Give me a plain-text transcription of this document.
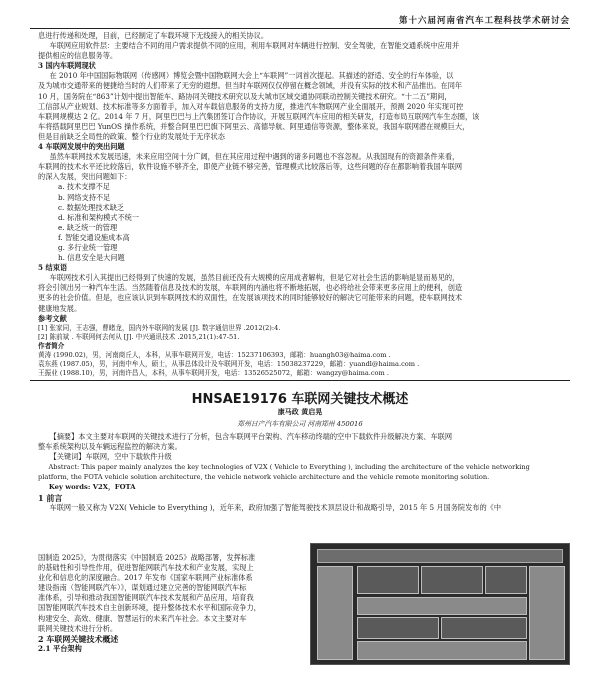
第十六届河南省汽车工程科技学术研讨会

息进行传递和处理，目前，已经制定了车载环境下无线接入的相关协议。

车联网应用软件层：主要结合不同的用户需求提供不同的应用，利用车联网对车辆进行控制、安全驾驶，在智能交通系统中应用并

提供相应的信息服务等。

3 国内车联网现状

在 2010 年中国国际物联网（传感网）博览会暨中国物联网大会上“车联网”一词首次提起。其描述的舒适、安全的行车体验，以

及为城市交通带来的便捷给当时的人们带来了无穷的遐想。但当时车联网仅仅停留在概念领域，并没有实际的技术和产品推出。在同年

10 月，国务院在“863”计划中提出智能车、路协同关键技术研究以及大城市区域交通协同联动控制关键技术研究。“十二五”期间，

工信部从产业规划、技术标准等多方面着手，加入对车载信息服务的支持力度，推进汽车物联网产业全面展开，预测 2020 年实现可控

车联网规模达 2 亿。2014 年 7 月，阿里巴巴与上汽集团签订合作协议，开展互联网汽车应用的相关研发，打造布局互联网汽车生态圈，该

车将搭载阿里巴巴 YunOS 操作系统，并整合阿里巴巴旗下阿里云、高德导航、阿里通信等资源，整体来说，我国车联网潜在规模巨大，

但是目前缺乏全局性的政策、整个行业的发展处于无序状态

4 车联网发展中的突出问题

虽然车联网技术发展迅速，未来应用空间十分广阔，但在其应用过程中遇到的诸多问题也不容忽视。从我国现有的资源条件来看，

车联网的技术水平还比较落后，软件设施不够齐全，即使产业链不够完善，管理模式比较落后等，这些问题的存在都影响着我国车联网

的深入发展，突出问题如下：

a. 技术支撑不足

b. 网络支持不足

c. 数据处理技术缺乏

d. 标准和架构模式不统一

e. 缺乏统一的管理

f. 智能交通设施成本高

g. 多行业统一管理

h. 信息安全是大问题

5 结束语

车联网技术引入其提出已经得到了快速的发展，虽然目前还没有大规模的应用成者解构，但是它对社会生活的影响是显而易见的，

将会引领出另一种汽车生活。当然随着信息及技术的发展，车联网的内涵也将不断地拓展，也必将给社会带来更多应用上的便利，创造

更多的社会价值。但是，也应该认识到车联网技术的双面性，在发展该项技术的同时能够较好的解决它可能带来的问题，使车联网技术

健康地发展。

参考文献

[1] 张家同，王志强，曹睹龙，国内外车联网的发展 [J]. 数字通信世界 .2012(2):4.

[2] 陈前斌 . 车联网何去何从 [J]. 中兴通讯技术 .2015,21(1):47-51.

作者简介

黄涛 (1990.02)，男，河南商丘人，本科，从事车联网开发，电话：15237106393，邮箱：huangh03@haima.com .

袁东燕 (1987.05)，男，河南中牟人，硕士，从事总体设计及车联网开发，电话：15038237229，邮箱：yuandl@haima.com .

王振业 (1988.10)，男，河南许昌人，本科，从事车联网开发，电话：13526525072，邮箱：wangzy@haima.com .

HNSAE19176 车联网关键技术概述
康马政 黄启晃
郑州日产汽车有限公司 河南郑州 450016

【摘要】本文主要对车联网的关键技术进行了分析，包含车联网平台架构、汽车移动终端的空中下载软件升级解决方案、车联网

整车系统架构以及车辆远程监控的解决方案。

【关键词】车联网，空中下载软件升级

Abstract: This paper mainly analyzes the key technologies of V2X ( Vehicle to Everything ), including the architecture of the vehicle networking

platform, the FOTA vehicle solution architecture, the vehicle network vehicle architecture and the vehicle remote monitoring solution.

Key words: V2X，FOTA

1 前言

车联网一般又称为 V2X( Vehicle to Everything )，近年来，政府加强了智能驾驶技术顶层设计和战略引导，2015 年 5 月国务院发布的《中

国制造 2025》，为贯彻落实《中国制造 2025》战略部署，发挥标准

的基础性和引导性作用，促进智能网联汽车技术和产业发展，实现上

业化和信息化的深度融合。2017 年发布《国家车联网产业标准体系

建设指南（智能网联汽车）》，谋划通过建立完善的智能网联汽车标

准体系，引导和推动我国智能网联汽车技术发展和产品应用，培育我

国智能网联汽车技术自主创新环境，提升整体技术水平和国际竞争力，

构建安全、高效、健康、智慧运行的未来汽车社会。本文主要对车

联网关键技术进行分析。

2 车联网关键技术概述

2.1 平台架构
